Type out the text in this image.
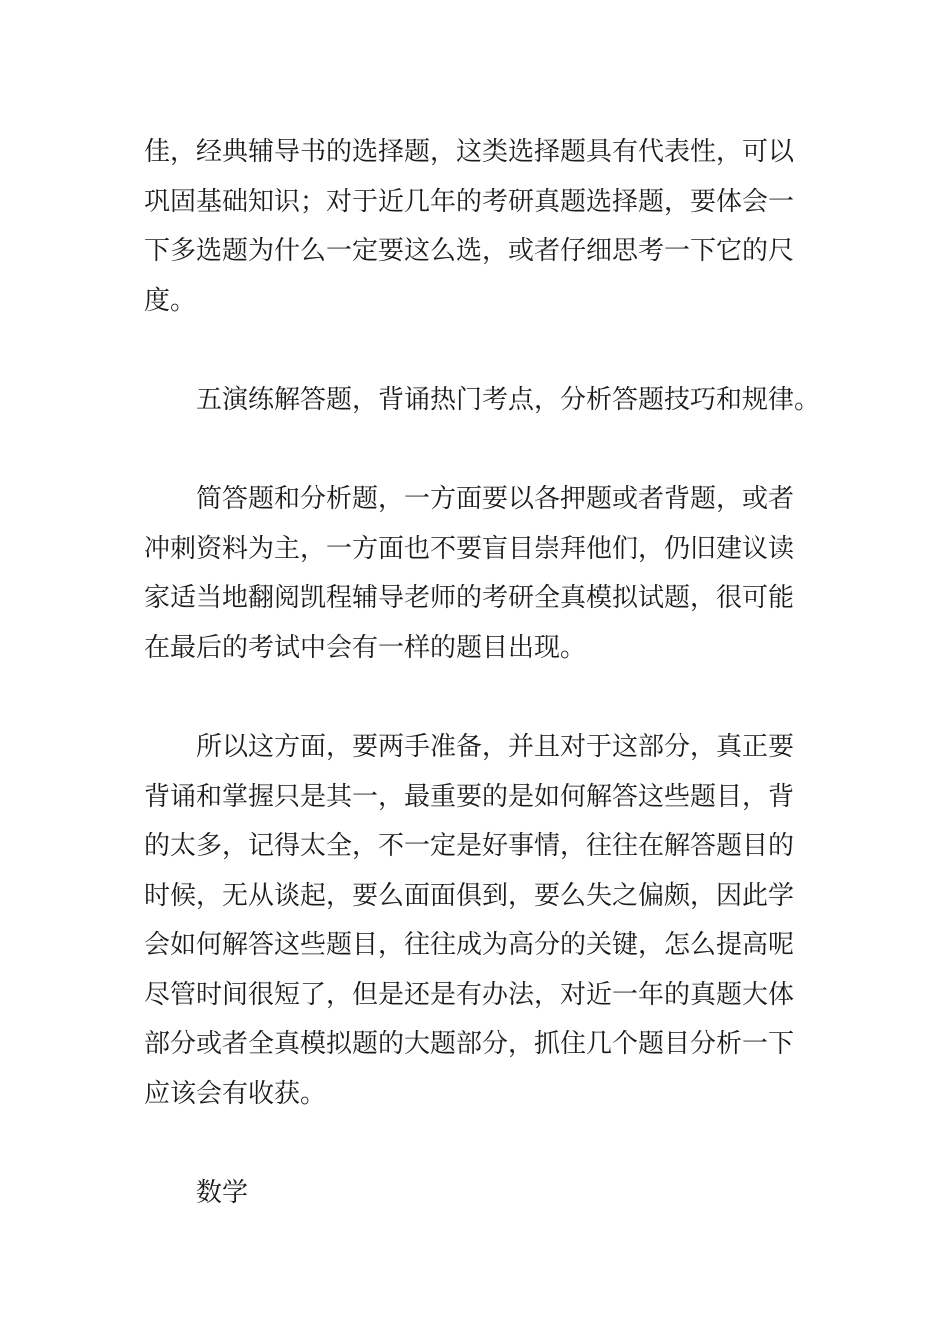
佳，经典辅导书的选择题，这类选择题具有代表性，可以
巩固基础知识；对于近几年的考研真题选择题，要体会一
下多选题为什么一定要这么选，或者仔细思考一下它的尺
度。
五演练解答题，背诵热门考点，分析答题技巧和规律。
简答题和分析题，一方面要以各押题或者背题，或者
冲刺资料为主，一方面也不要盲目崇拜他们，仍旧建议读
家适当地翻阅凯程辅导老师的考研全真模拟试题，很可能
在最后的考试中会有一样的题目出现。
所以这方面，要两手准备，并且对于这部分，真正要
背诵和掌握只是其一，最重要的是如何解答这些题目，背
的太多，记得太全，不一定是好事情，往往在解答题目的
时候，无从谈起，要么面面俱到，要么失之偏颇，因此学
会如何解答这些题目，往往成为高分的关键，怎么提高呢
尽管时间很短了，但是还是有办法，对近一年的真题大体
部分或者全真模拟题的大题部分，抓住几个题目分析一下
应该会有收获。
数学
